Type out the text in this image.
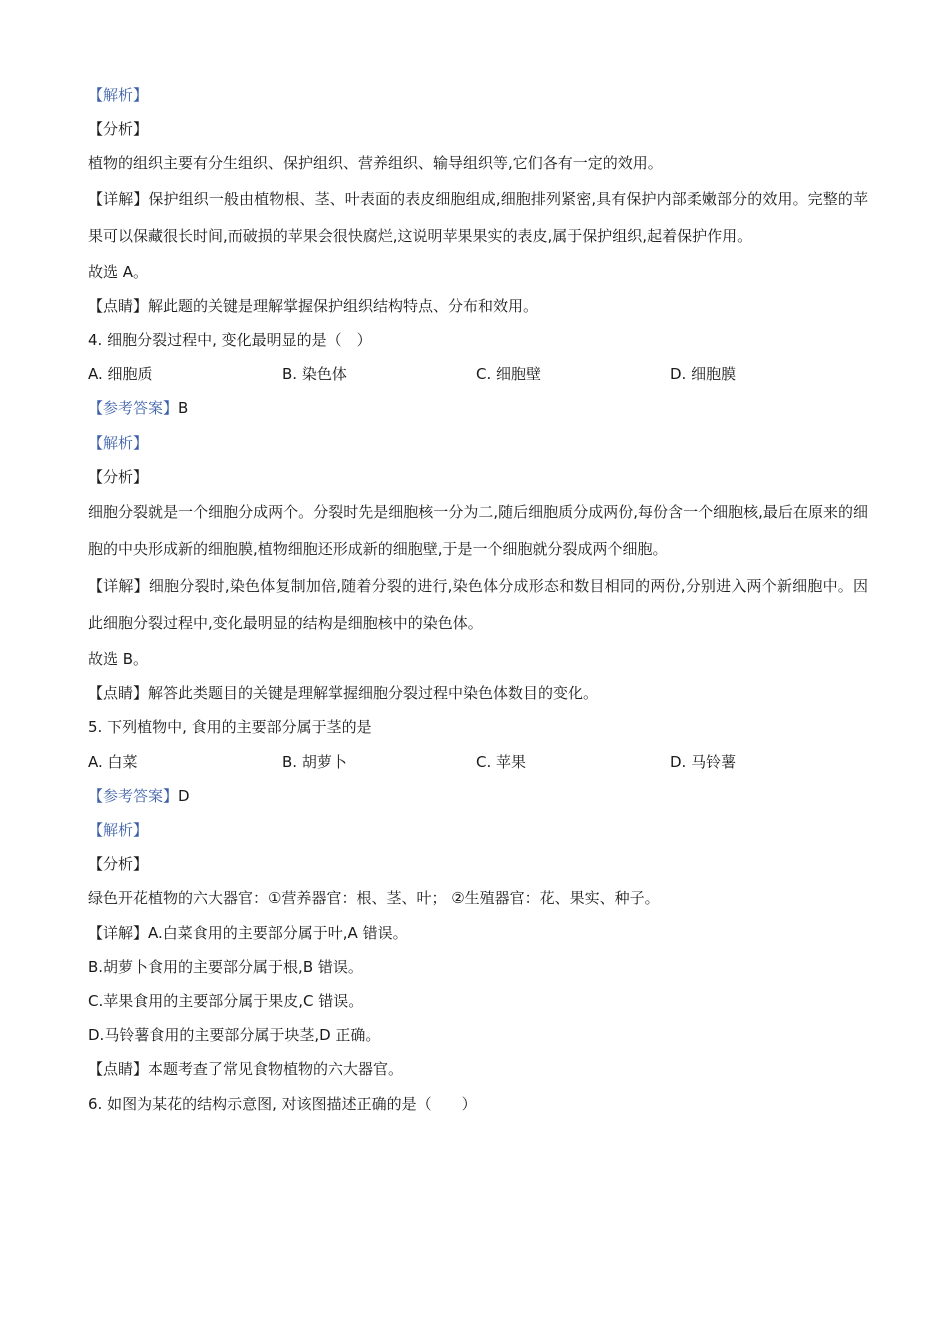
【解析】
【分析】
植物的组织主要有分生组织、保护组织、营养组织、输导组织等,它们各有一定的效用。
【详解】保护组织一般由植物根、茎、叶表面的表皮细胞组成,细胞排列紧密,具有保护内部柔嫩部分的效用。完整的苹果可以保藏很长时间,而破损的苹果会很快腐烂,这说明苹果果实的表皮,属于保护组织,起着保护作用。
故选 A。
【点睛】解此题的关键是理解掌握保护组织结构特点、分布和效用。
4. 细胞分裂过程中, 变化最明显的是（　）
A. 细胞质	B. 染色体	C. 细胞壁	D. 细胞膜
【参考答案】B
【解析】
【分析】
细胞分裂就是一个细胞分成两个。分裂时先是细胞核一分为二,随后细胞质分成两份,每份含一个细胞核,最后在原来的细胞的中央形成新的细胞膜,植物细胞还形成新的细胞壁,于是一个细胞就分裂成两个细胞。
【详解】细胞分裂时,染色体复制加倍,随着分裂的进行,染色体分成形态和数目相同的两份,分别进入两个新细胞中。因此细胞分裂过程中,变化最明显的结构是细胞核中的染色体。
故选 B。
【点睛】解答此类题目的关键是理解掌握细胞分裂过程中染色体数目的变化。
5. 下列植物中, 食用的主要部分属于茎的是
A. 白菜	B. 胡萝卜	C. 苹果	D. 马铃薯
【参考答案】D
【解析】
【分析】
绿色开花植物的六大器官：①营养器官：根、茎、叶； ②生殖器官：花、果实、种子。
【详解】A.白菜食用的主要部分属于叶,A 错误。
B.胡萝卜食用的主要部分属于根,B 错误。
C.苹果食用的主要部分属于果皮,C 错误。
D.马铃薯食用的主要部分属于块茎,D 正确。
【点睛】本题考查了常见食物植物的六大器官。
6. 如图为某花的结构示意图, 对该图描述正确的是（　　）
